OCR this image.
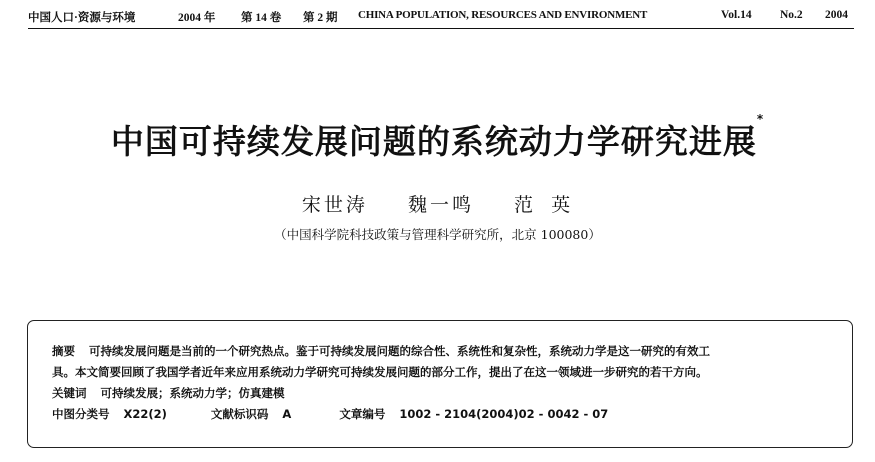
中国人口·资源与环境	2004 年 第 14 卷 第 2 期 CHINA POPULATION, RESOURCES AND ENVIRONMENT	Vol.14 No.2 2004
中国可持续发展问题的系统动力学研究进展*
宋世涛 魏一鸣 范 英
（中国科学院科技政策与管理科学研究所，北京 100080）
摘要 可持续发展问题是当前的一个研究热点。鉴于可持续发展问题的综合性、系统性和复杂性，系统动力学是这一研究的有效工
具。本文简要回顾了我国学者近年来应用系统动力学研究可持续发展问题的部分工作，提出了在这一领域进一步研究的若干方向。
关键词 可持续发展；系统动力学；仿真建模
中图分类号 X22(2)	文献标识码 A	文章编号 1002 - 2104(2004)02 - 0042 - 07
